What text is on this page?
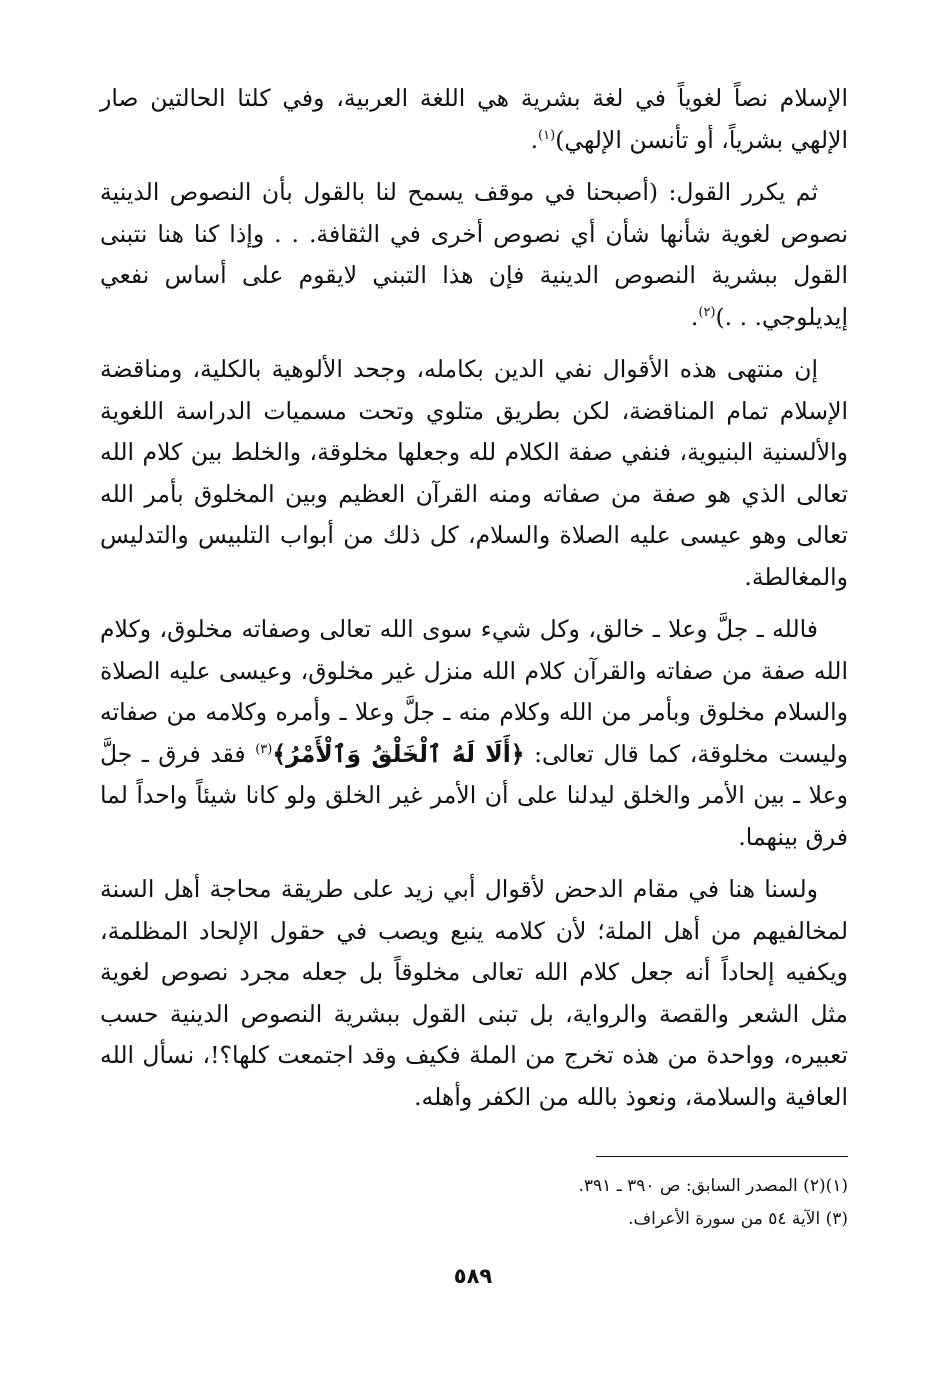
الإسلام نصاً لغوياً في لغة بشرية هي اللغة العربية، وفي كلتا الحالتين صار الإلهي بشرياً، أو تأنسن الإلهي)$^{(١)}$.

ثم يكرر القول: (أصبحنا في موقف يسمح لنا بالقول بأن النصوص الدينية نصوص لغوية شأنها شأن أي نصوص أخرى في الثقافة. . . وإذا كنا هنا نتبنى القول ببشرية النصوص الدينية فإن هذا التبني لايقوم على أساس نفعي إيديلوجي. . .)$^{(٢)}$.

إن منتهى هذه الأقوال نفي الدين بكامله، وجحد الألوهية بالكلية، ومناقضة الإسلام تمام المناقضة، لكن بطريق متلوي وتحت مسميات الدراسة اللغوية والألسنية البنيوية، فنفي صفة الكلام لله وجعلها مخلوقة، والخلط بين كلام الله تعالى الذي هو صفة من صفاته ومنه القرآن العظيم وبين المخلوق بأمر الله تعالى وهو عيسى عليه الصلاة والسلام، كل ذلك من أبواب التلبيس والتدليس والمغالطة.

فالله ـ جلَّ وعلا ـ خالق، وكل شيء سوى الله تعالى وصفاته مخلوق، وكلام الله صفة من صفاته والقرآن كلام الله منزل غير مخلوق، وعيسى عليه الصلاة والسلام مخلوق وبأمر من الله وكلام منه ـ جلَّ وعلا ـ وأمره وكلامه من صفاته وليست مخلوقة، كما قال تعالى: ﴿أَلَا لَهُ ٱلْخَلْقُ وَٱلْأَمْرُ﴾$^{(٣)}$ فقد فرق ـ جلَّ وعلا ـ بين الأمر والخلق ليدلنا على أن الأمر غير الخلق ولو كانا شيئاً واحداً لما فرق بينهما.

ولسنا هنا في مقام الدحض لأقوال أبي زيد على طريقة محاجة أهل السنة لمخالفيهم من أهل الملة؛ لأن كلامه ينبع ويصب في حقول الإلحاد المظلمة، ويكفيه إلحاداً أنه جعل كلام الله تعالى مخلوقاً بل جعله مجرد نصوص لغوية مثل الشعر والقصة والرواية، بل تبنى القول ببشرية النصوص الدينية حسب تعبيره، وواحدة من هذه تخرج من الملة فكيف وقد اجتمعت كلها؟!، نسأل الله العافية والسلامة، ونعوذ بالله من الكفر وأهله.

(١)(٢) المصدر السابق: ص ٣٩٠ ـ ٣٩١.
(٣) الآية ٥٤ من سورة الأعراف.
٥٨٩
